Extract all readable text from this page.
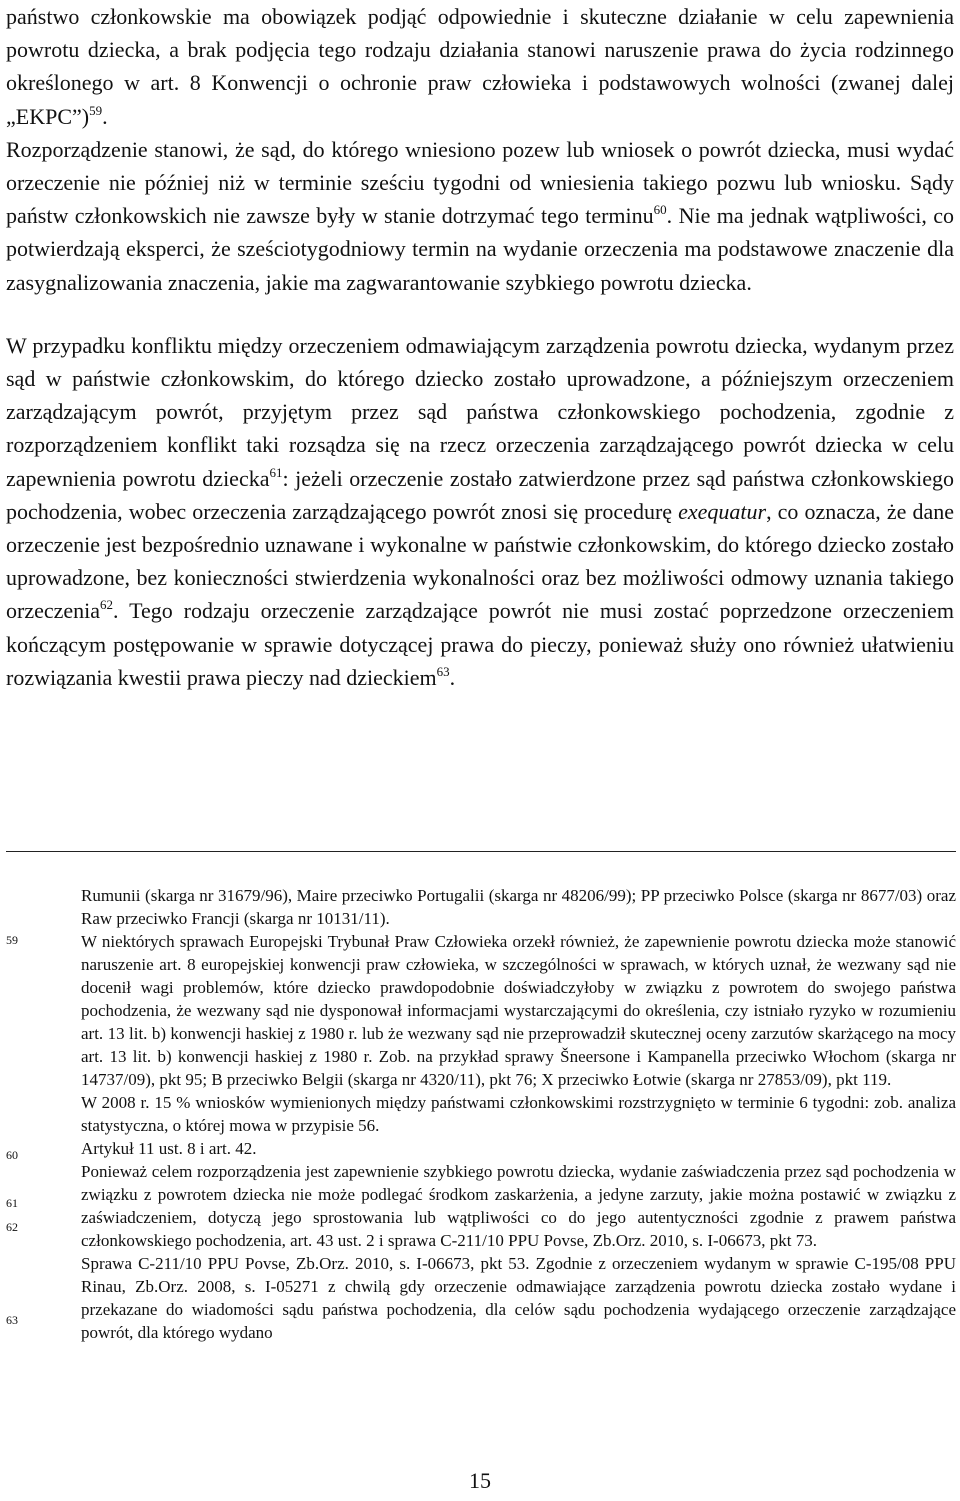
państwo członkowskie ma obowiązek podjąć odpowiednie i skuteczne działanie w celu zapewnienia powrotu dziecka, a brak podjęcia tego rodzaju działania stanowi naruszenie prawa do życia rodzinnego określonego w art. 8 Konwencji o ochronie praw człowieka i podstawowych wolności (zwanej dalej „EKPC”)$^{59}$.

Rozporządzenie stanowi, że sąd, do którego wniesiono pozew lub wniosek o powrót dziecka, musi wydać orzeczenie nie później niż w terminie sześciu tygodni od wniesienia takiego pozwu lub wniosku. Sądy państw członkowskich nie zawsze były w stanie dotrzymać tego terminu$^{60}$. Nie ma jednak wątpliwości, co potwierdzają eksperci, że sześciotygodniowy termin na wydanie orzeczenia ma podstawowe znaczenie dla zasygnalizowania znaczenia, jakie ma zagwarantowanie szybkiego powrotu dziecka.

W przypadku konfliktu między orzeczeniem odmawiającym zarządzenia powrotu dziecka, wydanym przez sąd w państwie członkowskim, do którego dziecko zostało uprowadzone, a późniejszym orzeczeniem zarządzającym powrót, przyjętym przez sąd państwa członkowskiego pochodzenia, zgodnie z rozporządzeniem konflikt taki rozsądza się na rzecz orzeczenia zarządzającego powrót dziecka w celu zapewnienia powrotu dziecka$^{61}$: jeżeli orzeczenie zostało zatwierdzone przez sąd państwa członkowskiego pochodzenia, wobec orzeczenia zarządzającego powrót znosi się procedurę exequatur, co oznacza, że dane orzeczenie jest bezpośrednio uznawane i wykonalne w państwie członkowskim, do którego dziecko zostało uprowadzone, bez konieczności stwierdzenia wykonalności oraz bez możliwości odmowy uznania takiego orzeczenia$^{62}$. Tego rodzaju orzeczenie zarządzające powrót nie musi zostać poprzedzone orzeczeniem kończącym postępowanie w sprawie dotyczącej prawa do pieczy, ponieważ służy ono również ułatwieniu rozwiązania kwestii prawa pieczy nad dzieckiem$^{63}$.

59
60
61
62
63

Rumunii (skarga nr 31679/96), Maire przeciwko Portugalii (skarga nr 48206/99); PP przeciwko Polsce (skarga nr 8677/03) oraz Raw przeciwko Francji (skarga nr 10131/11).

W niektórych sprawach Europejski Trybunał Praw Człowieka orzekł również, że zapewnienie powrotu dziecka może stanowić naruszenie art. 8 europejskiej konwencji praw człowieka, w szczególności w sprawach, w których uznał, że wezwany sąd nie docenił wagi problemów, które dziecko prawdopodobnie doświadczyłoby w związku z powrotem do swojego państwa pochodzenia, że wezwany sąd nie dysponował informacjami wystarczającymi do określenia, czy istniało ryzyko w rozumieniu art. 13 lit. b) konwencji haskiej z 1980 r. lub że wezwany sąd nie przeprowadził skutecznej oceny zarzutów skarżącego na mocy art. 13 lit. b) konwencji haskiej z 1980 r. Zob. na przykład sprawy Šneersone i Kampanella przeciwko Włochom (skarga nr 14737/09), pkt 95; B przeciwko Belgii (skarga nr 4320/11), pkt 76; X przeciwko Łotwie (skarga nr 27853/09), pkt 119.

W 2008 r. 15 % wniosków wymienionych między państwami członkowskimi rozstrzygnięto w terminie 6 tygodni: zob. analiza statystyczna, o której mowa w przypisie 56.

Artykuł 11 ust. 8 i art. 42.

Ponieważ celem rozporządzenia jest zapewnienie szybkiego powrotu dziecka, wydanie zaświadczenia przez sąd pochodzenia w związku z powrotem dziecka nie może podlegać środkom zaskarżenia, a jedyne zarzuty, jakie można postawić w związku z zaświadczeniem, dotyczą jego sprostowania lub wątpliwości co do jego autentyczności zgodnie z prawem państwa członkowskiego pochodzenia, art. 43 ust. 2 i sprawa C-211/10 PPU Povse, Zb.Orz. 2010, s. I-06673, pkt 73.

Sprawa C-211/10 PPU Povse, Zb.Orz. 2010, s. I-06673, pkt 53. Zgodnie z orzeczeniem wydanym w sprawie C-195/08 PPU Rinau, Zb.Orz. 2008, s. I-05271 z chwilą gdy orzeczenie odmawiające zarządzenia powrotu dziecka zostało wydane i przekazane do wiadomości sądu państwa pochodzenia, dla celów sądu pochodzenia wydającego orzeczenie zarządzające powrót, dla którego wydano

15
